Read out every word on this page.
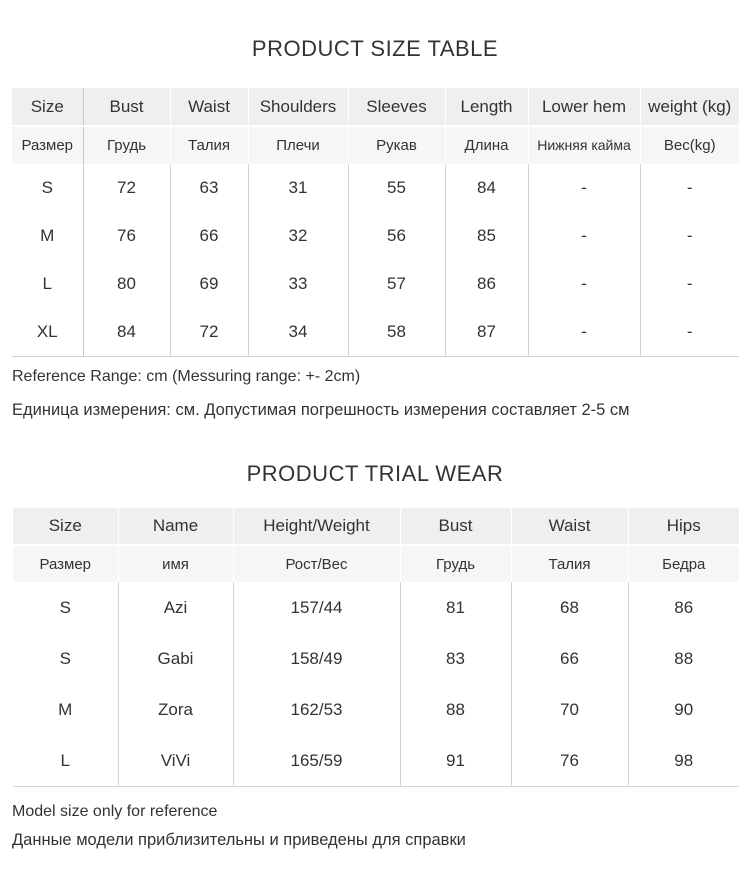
PRODUCT SIZE TABLE
Size	Bust	Waist	Shoulders	Sleeves	Length	Lower hem	weight (kg)
Размер	Грудь	Талия	Плечи	Рукав	Длина	Нижняя кайма	Вес(kg)
S	72	63	31	55	84	-	-
M	76	66	32	56	85	-	-
L	80	69	33	57	86	-	-
XL	84	72	34	58	87	-	-
Reference Range: cm (Messuring range: +- 2cm)
Единица измерения: см. Допустимая погрешность измерения составляет 2-5 см
PRODUCT TRIAL WEAR
Size	Name	Height/Weight	Bust	Waist	Hips
Размер	имя	Рост/Вес	Грудь	Талия	Бедра
S	Azi	157/44	81	68	86
S	Gabi	158/49	83	66	88
M	Zora	162/53	88	70	90
L	ViVi	165/59	91	76	98
Model size only for reference
Данные модели приблизительны и приведены для справки
